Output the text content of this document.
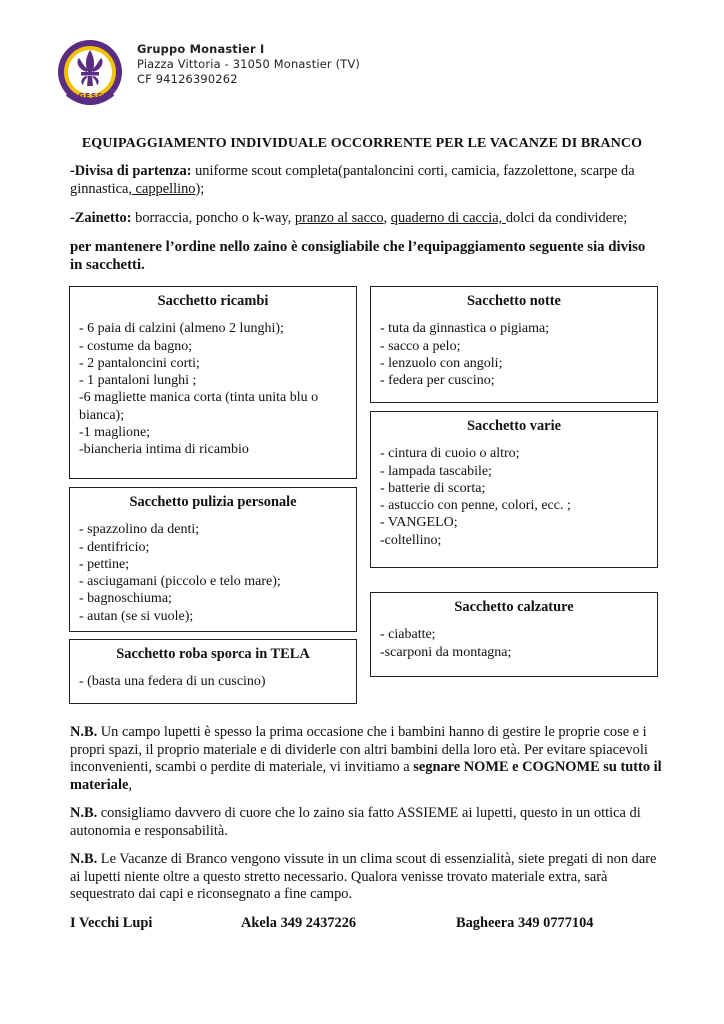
AGESCI
Gruppo Monastier I
Piazza Vittoria - 31050 Monastier (TV)
CF 94126390262
EQUIPAGGIAMENTO INDIVIDUALE OCCORRENTE PER LE VACANZE DI BRANCO
-Divisa di partenza: uniforme scout completa(pantaloncini corti, camicia, fazzolettone, scarpe da ginnastica, cappellino);
-Zainetto: borraccia, poncho o k-way, pranzo al sacco, quaderno di caccia, dolci da condividere;
per mantenere l’ordine nello zaino è consigliabile che l’equipaggiamento seguente sia diviso in sacchetti.
Sacchetto ricambi
- 6 paia di calzini (almeno 2 lunghi);
- costume da bagno;
- 2 pantaloncini corti;
- 1 pantaloni lunghi ;
-6 magliette manica corta (tinta unita blu o bianca);
-1 maglione;
-biancheria intima di ricambio
Sacchetto pulizia personale
- spazzolino da denti;
- dentifricio;
- pettine;
- asciugamani (piccolo e telo mare);
- bagnoschiuma;
- autan (se si vuole);
Sacchetto roba sporca in TELA
- (basta una federa di un cuscino)
Sacchetto notte
- tuta da ginnastica o pigiama;
- sacco a pelo;
- lenzuolo con angoli;
- federa per cuscino;
Sacchetto varie
- cintura di cuoio o altro;
- lampada tascabile;
- batterie di scorta;
- astuccio con penne, colori, ecc. ;
- VANGELO;
-coltellino;
Sacchetto calzature
- ciabatte;
-scarponi da montagna;
N.B. Un campo lupetti è spesso la prima occasione che i bambini hanno di gestire le proprie cose e i propri spazi, il proprio materiale e di dividerle con altri bambini della loro età. Per evitare spiacevoli inconvenienti, scambi o perdite di materiale, vi invitiamo a segnare NOME e COGNOME su tutto il materiale,
N.B. consigliamo davvero di cuore che lo zaino sia fatto ASSIEME ai lupetti, questo in un ottica di autonomia e responsabilità.
N.B. Le Vacanze di Branco vengono vissute in un clima scout di essenzialità, siete pregati di non dare ai lupetti niente oltre a questo stretto necessario. Qualora venisse trovato materiale extra, sarà sequestrato dai capi e riconsegnato a fine campo.
I Vecchi Lupi	Akela 349 2437226	Bagheera 349 0777104
